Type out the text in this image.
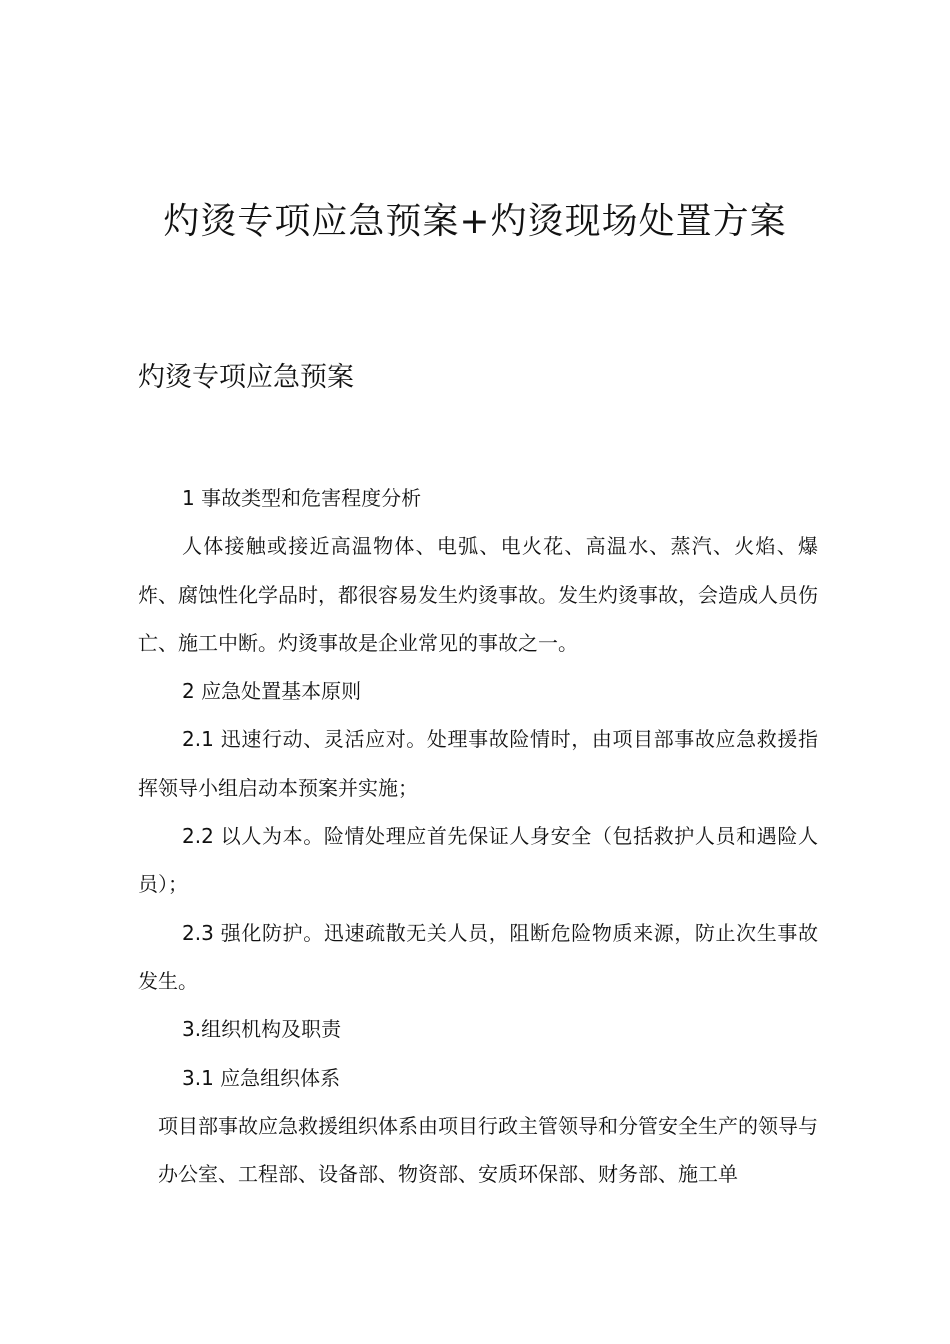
灼烫专项应急预案+灼烫现场处置方案
灼烫专项应急预案

1 事故类型和危害程度分析

人体接触或接近高温物体、电弧、电火花、高温水、蒸汽、火焰、爆炸、腐蚀性化学品时，都很容易发生灼烫事故。发生灼烫事故，会造成人员伤亡、施工中断。灼烫事故是企业常见的事故之一。

2 应急处置基本原则

2.1 迅速行动、灵活应对。处理事故险情时，由项目部事故应急救援指挥领导小组启动本预案并实施；

2.2 以人为本。险情处理应首先保证人身安全（包括救护人员和遇险人员）；

2.3 强化防护。迅速疏散无关人员，阻断危险物质来源，防止次生事故发生。

3.组织机构及职责

3.1 应急组织体系

项目部事故应急救援组织体系由项目行政主管领导和分管安全生产的领导与办公室、工程部、设备部、物资部、安质环保部、财务部、施工单
